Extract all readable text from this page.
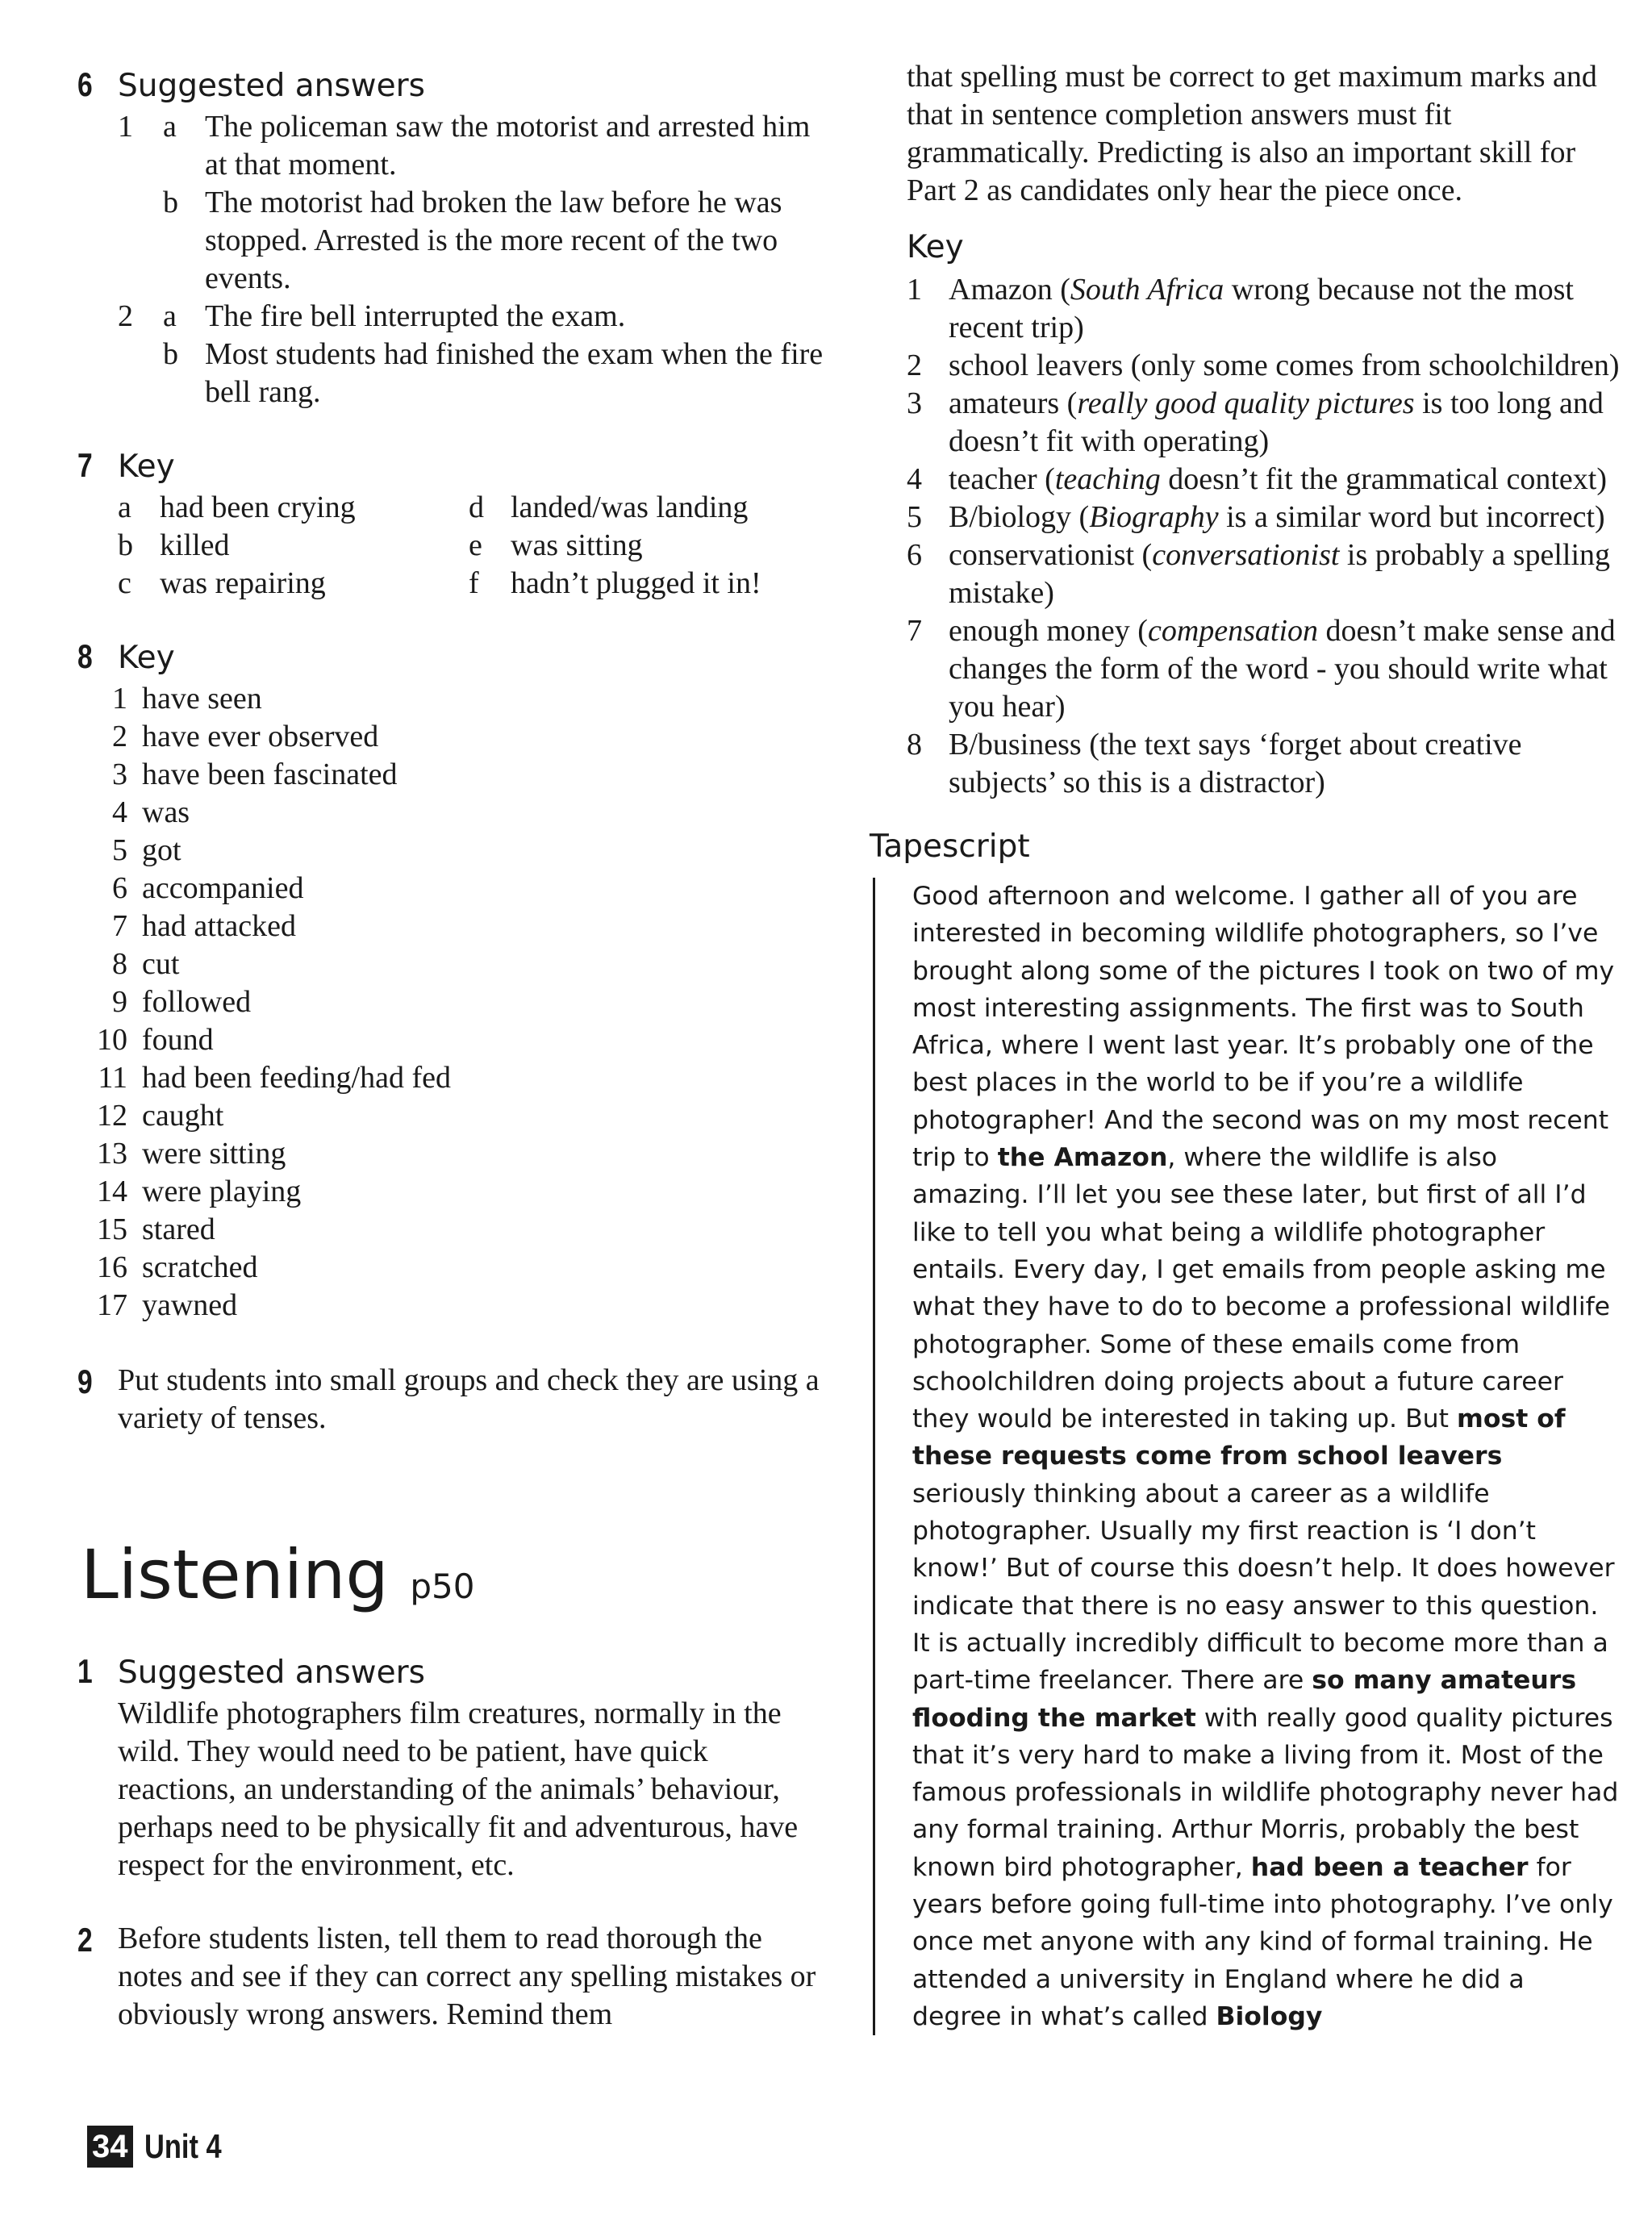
6 Suggested answers
1 a The policeman saw the motorist and arrested him at that moment.
b The motorist had broken the law before he was stopped. Arrested is the more recent of the two events.
2 a The fire bell interrupted the exam.
b Most students had finished the exam when the fire bell rang.
7 Key
a had been crying
b killed
c was repairing
d landed/was landing
e was sitting
f	hadn’t plugged it in!
8 Key
1 have seen
2 have ever observed
3 have been fascinated
4 was
5 got
6 accompanied
7 had attacked
8 cut
9 followed
10 found
11 had been feeding/had fed
12 caught
13 were sitting
14 were playing
15 stared
16 scratched
17 yawned
9 Put students into small groups and check they are using a variety of tenses.
Listening p50
1 Suggested answers
Wildlife photographers film creatures, normally in the wild. They would need to be patient, have quick reactions, an understanding of the animals’ behaviour, perhaps need to be physically fit and adventurous, have respect for the environment, etc.
2 Before students listen, tell them to read thorough the notes and see if they can correct any spelling mistakes or obviously wrong answers. Remind them
that spelling must be correct to get maximum marks and that in sentence completion answers must fit grammatically. Predicting is also an important skill for Part 2 as candidates only hear the piece once.
Key
1 Amazon (South Africa wrong because not the most recent trip)
2 school leavers (only some comes from schoolchildren)
3 amateurs (really good quality pictures is too long and doesn’t fit with operating)
4 teacher (teaching doesn’t fit the grammatical context)
5 B/biology (Biography is a similar word but incorrect)
6 conservationist (conversationist is probably a spelling mistake)
7 enough money (compensation doesn’t make sense and changes the form of the word - you should write what you hear)
8 B/business (the text says ‘forget about creative subjects’ so this is a distractor)
Tapescript
Good afternoon and welcome. I gather all of you are interested in becoming wildlife photographers, so I’ve brought along some of the pictures I took on two of my most interesting assignments. The first was to South Africa, where I went last year. It’s probably one of the best places in the world to be if you’re a wildlife photographer! And the second was on my most recent trip to the Amazon, where the wildlife is also amazing. I’ll let you see these later, but first of all I’d like to tell you what being a wildlife photographer entails. Every day, I get emails from people asking me what they have to do to become a professional wildlife photographer. Some of these emails come from schoolchildren doing projects about a future career they would be interested in taking up. But most of these requests come from school leavers seriously thinking about a career as a wildlife photographer. Usually my first reaction is ‘I don’t know!’ But of course this doesn’t help. It does however indicate that there is no easy answer to this question. It is actually incredibly difficult to become more than a part-time freelancer. There are so many amateurs flooding the market with really good quality pictures that it’s very hard to make a living from it. Most of the famous professionals in wildlife photography never had any formal training. Arthur Morris, probably the best known bird photographer, had been a teacher for years before going full-time into photography. I’ve only once met anyone with any kind of formal training. He attended a university in England where he did a degree in what’s called Biology
34 Unit 4
